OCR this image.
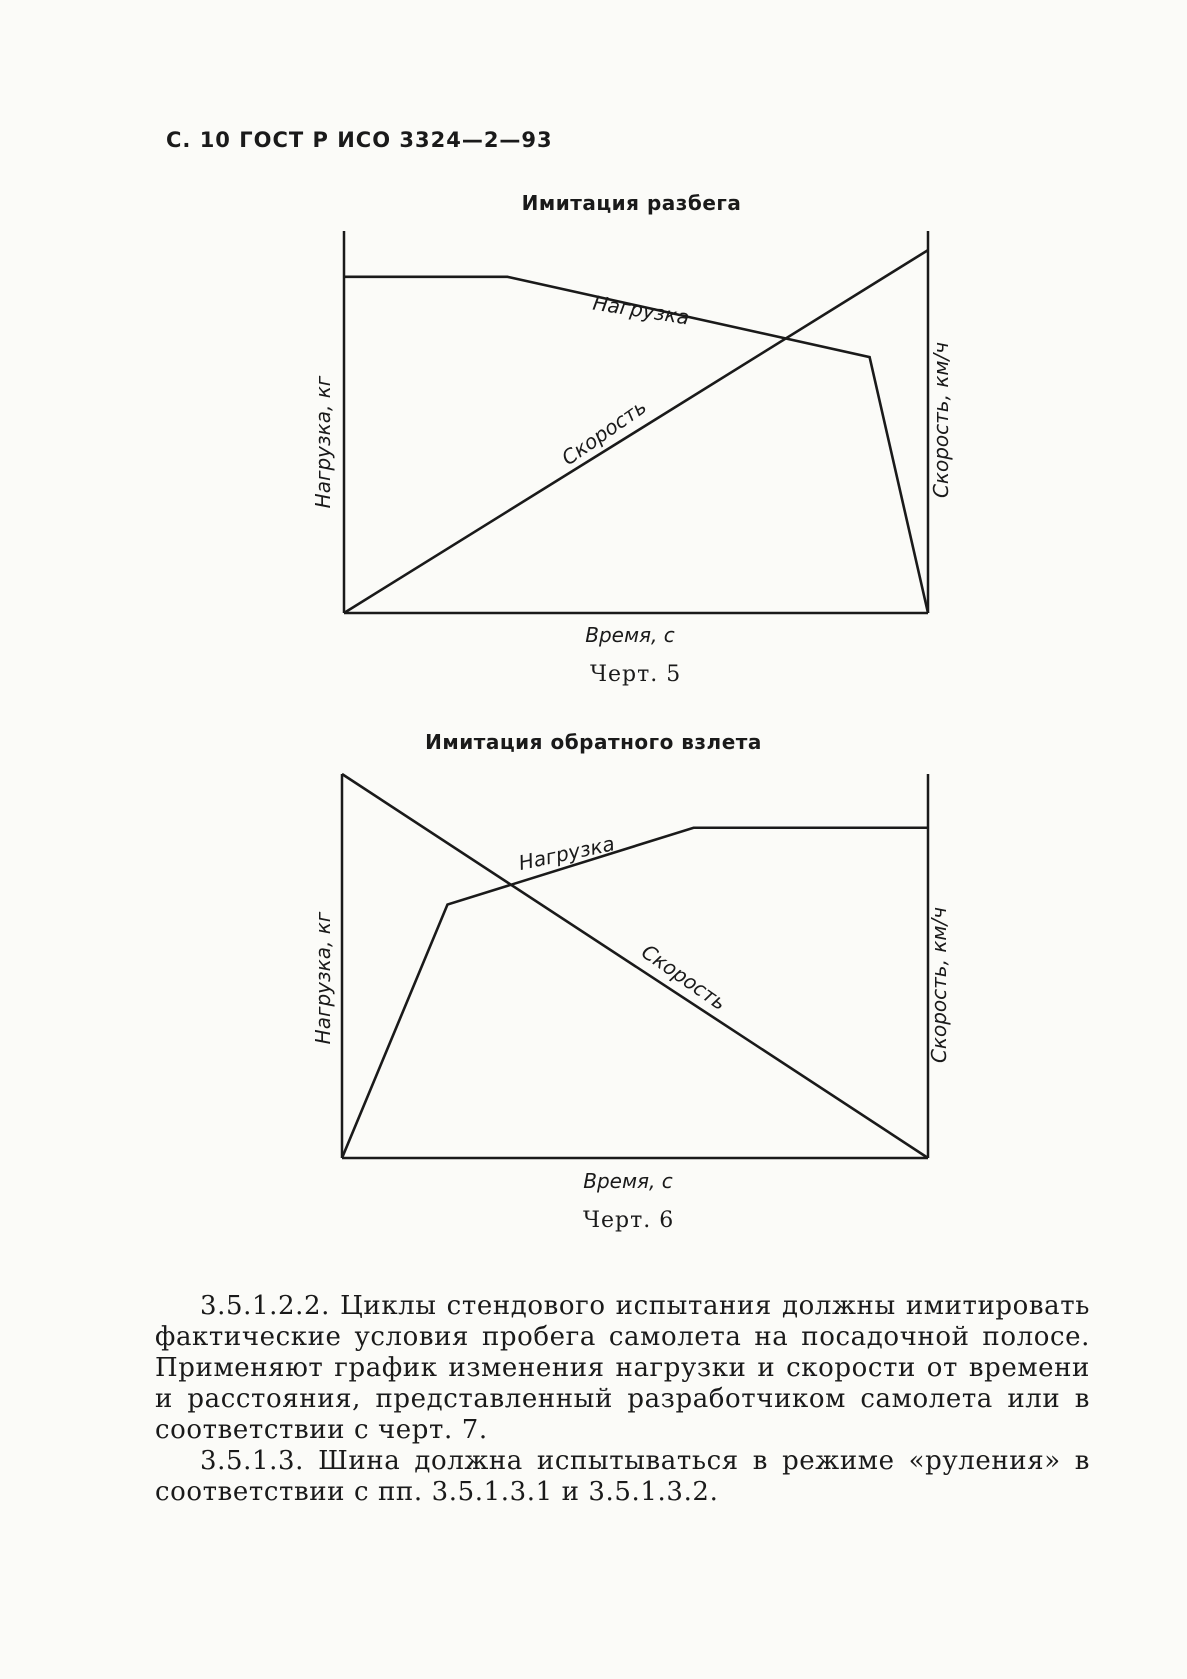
С. 10 ГОСТ Р ИСО 3324—2—93
Имитация разбега
Нагрузка
Скорость
Нагрузка, кг	Скорость, км/ч
Время, с
Черт. 5
Имитация обратного взлета
Нагрузка
Скорость
Нагрузка, кг	Скорость, км/ч
Время, с
Черт. 6

3.5.1.2.2. Циклы стендового испытания должны имитировать фактические условия пробега самолета на посадочной полосе. Применяют график изменения нагрузки и скорости от времени и расстояния, представленный разработчиком самолета или в соответствии с черт. 7.

3.5.1.3. Шина должна испытываться в режиме «руления» в соответствии с пп. 3.5.1.3.1 и 3.5.1.3.2.
